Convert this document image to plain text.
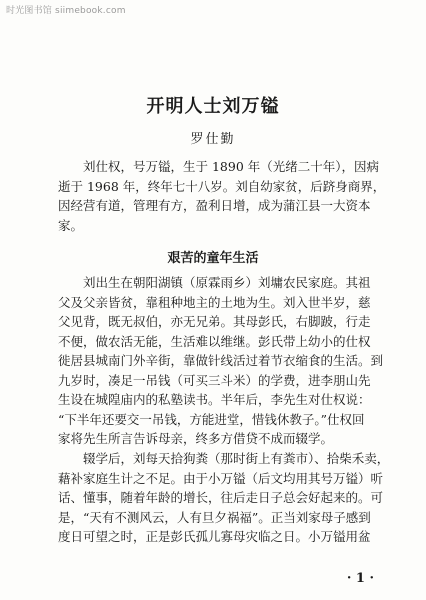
时光图书馆 siimebook.com
开明人士刘万镒
罗仕勤

刘仕权，号万镒，生于 1890 年（光绪二十年），因病
逝于 1968 年，终年七十八岁。刘自幼家贫，后跻身商界，
因经营有道，管理有方，盈利日增，成为蒲江县一大资本
家。

艰苦的童年生活

刘出生在朝阳湖镇（原霖雨乡）刘墉农民家庭。其祖
父及父亲皆贫，靠租种地主的土地为生。刘入世半岁，慈
父见背，既无叔伯，亦无兄弟。其母彭氏，右脚跛，行走
不便，做农活无能，生活难以维继。彭氏带上幼小的仕权
徙居县城南门外辛街，靠做针线活过着节衣缩食的生活。到
九岁时，凑足一吊钱（可买三斗米）的学费，进李朋山先
生设在城隍庙内的私塾读书。半年后，李先生对仕权说：
“下半年还要交一吊钱，方能进堂，惜钱休教子。”仕权回
家将先生所言告诉母亲，终多方借贷不成而辍学。

辍学后，刘每天拾狗粪（那时街上有粪市）、拾柴禾卖，
藉补家庭生计之不足。由于小万镒（后文均用其号万镒）听
话、懂事，随着年龄的增长，往后走日子总会好起来的。可
是，“天有不测风云，人有旦夕祸福”。正当刘家母子感到
度日可望之时，正是彭氏孤儿寡母灾临之日。小万镒用盆

· 1 ·
